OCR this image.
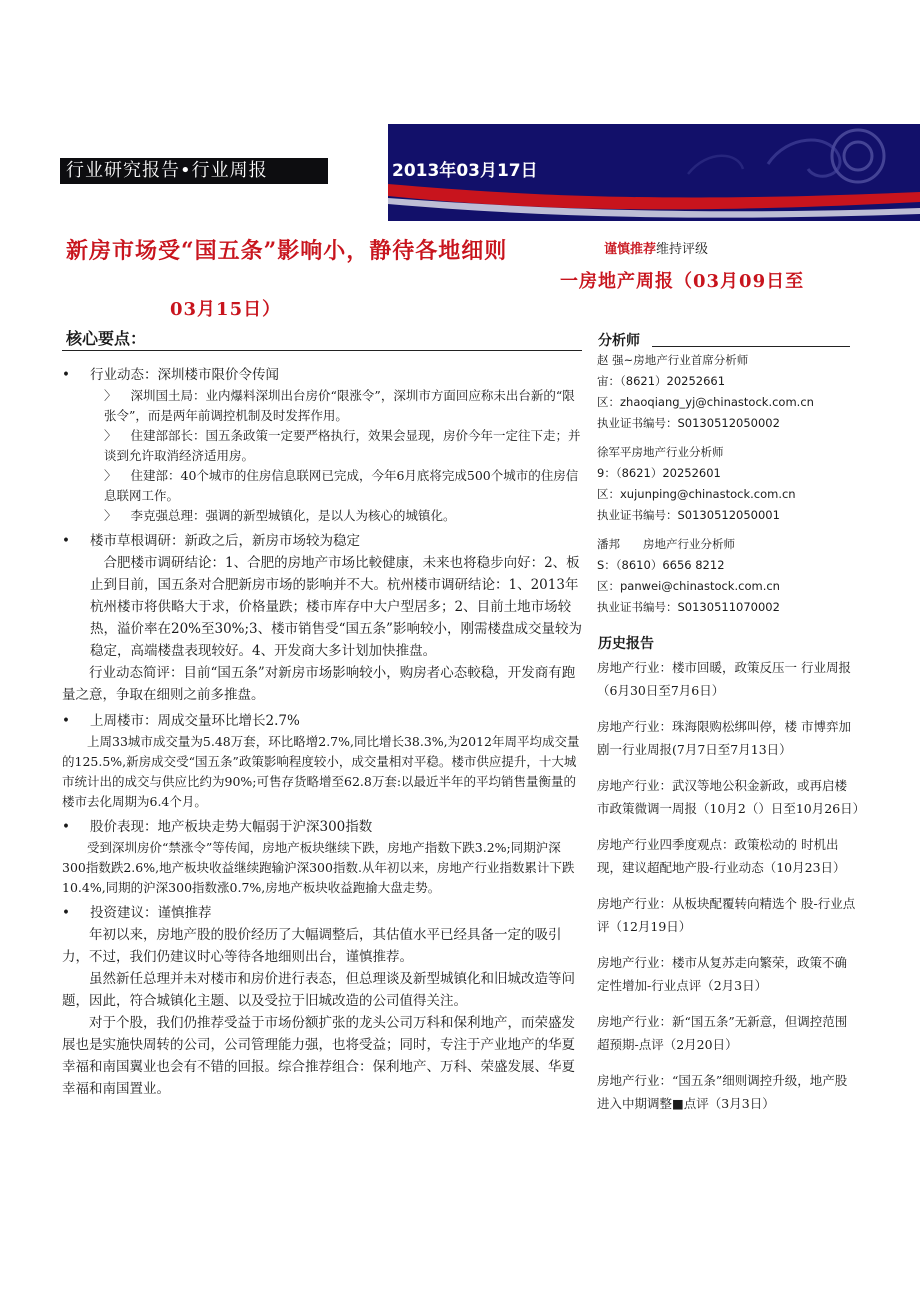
行业研究报告•行业周报	2013年03月17日
新房市场受“国五条”影响小，静待各地细则	谨慎推荐维持评级
一房地产周报（03月09日至
03月15日）
核心要点：
•	行业动态：深圳楼市限价令传闻

〉 深圳国土局：业内爆料深圳出台房价“限涨令”，深圳市方面回应称未出台新的“限张令”，而是两年前调控机制及时发挥作用。

〉 住建部部长：国五条政策一定要严格执行，效果会显现，房价今年一定往下走；并谈到允许取消经济适用房。

〉 住建部：40个城市的住房信息联网已完成，今年6月底将完成500个城市的住房信息联网工作。

〉 李克强总理：强调的新型城镇化，是以人为核心的城镇化。

•	楼市草根调研：新政之后，新房市场较为稳定

合肥楼市调研结论：1、合肥的房地产市场比較健康，未来也将稳步向好：2、板止到目前，国五条对合肥新房市场的影响并不大。杭州楼市调研结论：1、2013年杭州楼市将供略大于求，价格量跌；楼市库存中大户型居多；2、目前土地市场较热，溢价率在20%至30%;3、楼市销售受“国五条”影响较小，刚需楼盘成交量较为稳定，高端楼盘表现较好。4、开发商大多计划加快推盘。

行业动态简评：目前“国五条”对新房市场影响较小，购房者心态較稳，开发商有跑量之意，争取在细则之前多推盘。

•	上周楼市：周成交量环比增长2.7%

上周33城市成交量为5.48万套，环比略增2.7%,同比增长38.3%,为2012年周平均成交量的125.5%,新房成交受“国五条”政策影响程度较小，成交量相对平稳。楼市供应提升，十大城市统计出的成交与供应比约为90%;可售存货略增至62.8万套:以最近半年的平均销售量衡量的楼市去化周期为6.4个月。

•	股价表现：地产板块走势大幅弱于沪深300指数

受到深圳房价“禁涨令”等传闻，房地产板块继续下跌，房地产指数下跌3.2%;同期沪深300指数跌2.6%,地产板块收益继续跑输沪深300指数.从年初以来，房地产行业指数累计下跌10.4%,同期的沪深300指数涨0.7%,房地产板块收益跑揄大盘走势。

•	投资建议：谨慎推荐

年初以来，房地产股的股价经历了大幅调整后，其估值水平已经具备一定的吸引力，不过，我们仍建议时心等待各地细则出台，谨慎推荐。

虽然新任总理并未对楼市和房价进行表态，但总理谈及新型城镇化和旧城改造等问题，因此，符合城镇化主题、以及受拉于旧城改造的公司值得关注。

对于个股，我们仍推荐受益于市场份额扩张的龙头公司万科和保利地产，而荣盛发展也是实施快周转的公司，公司管理能力强，也将受益；同时，专注于产业地产的华夏幸福和南国翼业也会有不错的回报。综合推荐组合：保利地产、万科、荣盛发展、华夏幸福和南国置业。

分析师
赵 强~房地产行业首席分析师
宙：（8621）20252661
区：zhaoqiang_yj@chinastock.com.cn
执业证书编号：S0130512050002
徐军平房地产行业分析师
9：（8621）20252601
区：xujunping@chinastock.com.cn
执业证书编号：S0130512050001
潘邦　　房地产行业分析师
S：（8610）6656 8212
区：panwei@chinastock.com.cn
执业证书编号：S0130511070002
历史报告
房地产行业：楼市回暖，政策反压一 行业周报（6月30日至7月6日）
房地产行业：珠海限购松绑叫停，楼 市博弈加剧一行业周报(7月7日至7月13日）
房地产行业：武汉等地公积金新政，或再启楼市政策微调一周报（10月2（）日至10月26日）
房地产行业四季度观点：政策松动的 时机出现，建议超配地产股-行业动态（10月23日）
房地产行业：从板块配覆转向精选个 股-行业点评（12月19日）
房地产行业：楼市从复苏走向繁荣，政策不确定性增加-行业点评（2月3日）
房地产行业：新“国五条”无新意，但调控范围超预期-点评（2月20日）
房地产行业：“国五条”细则调控升级，地产股进入中期调整■点评（3月3日）
